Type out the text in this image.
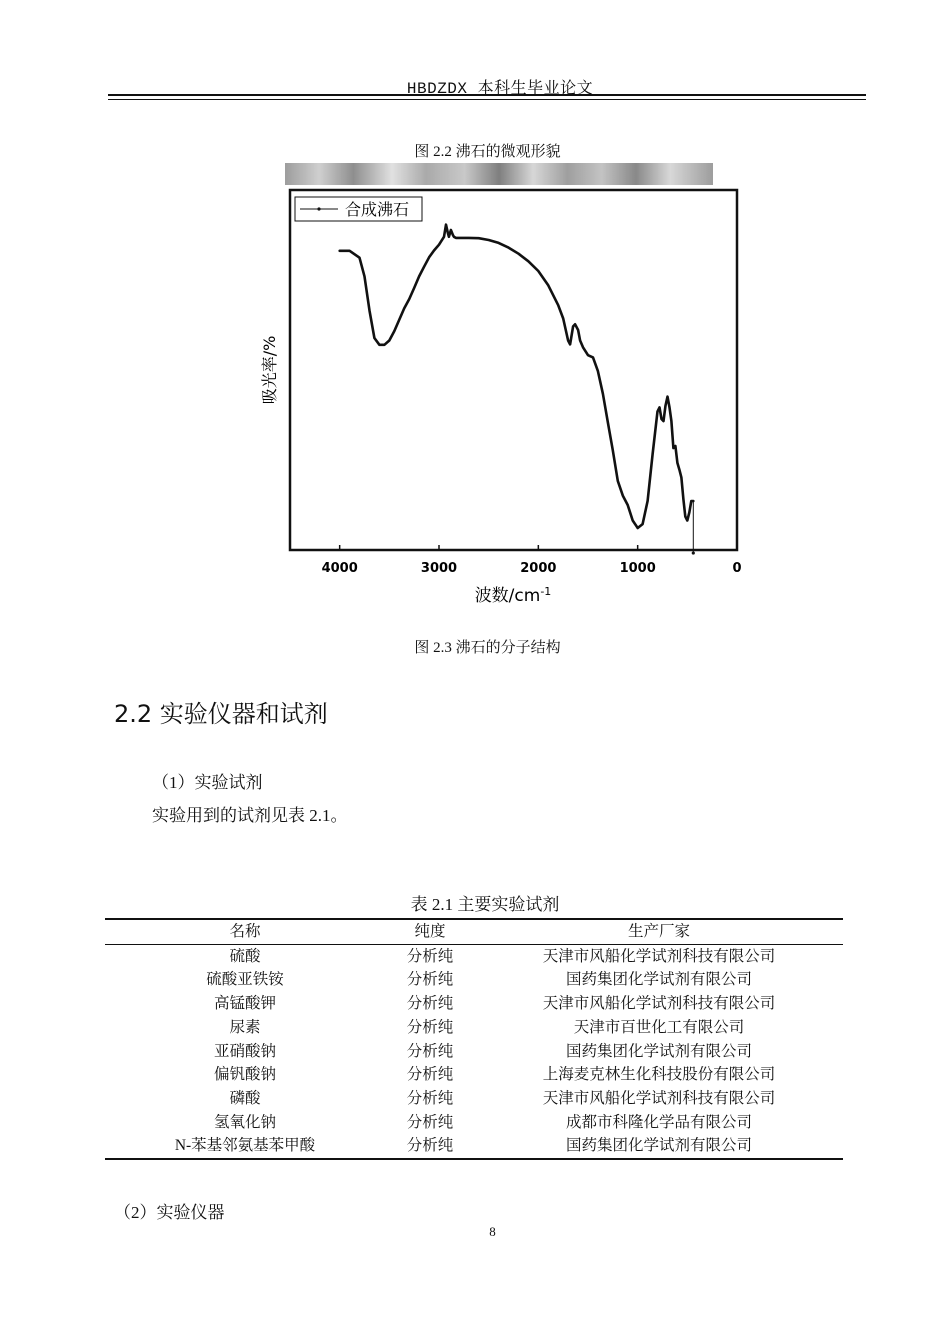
HBDZDX 本科生毕业论文
图 2.2 沸石的微观形貌
4000	3000	2000	1000	0
合成沸石
吸光率/%
波数$/cm^{-1}$
图 2.3 沸石的分子结构
2.2 实验仪器和试剂
（1）实验试剂
实验用到的试剂见表 2.1。
表 2.1 主要实验试剂
名称	纯度	生产厂家
硫酸	分析纯	天津市风船化学试剂科技有限公司
硫酸亚铁铵	分析纯	国药集团化学试剂有限公司
高锰酸钾	分析纯	天津市风船化学试剂科技有限公司
尿素	分析纯	天津市百世化工有限公司
亚硝酸钠	分析纯	国药集团化学试剂有限公司
偏钒酸钠	分析纯	上海麦克林生化科技股份有限公司
磷酸	分析纯	天津市风船化学试剂科技有限公司
氢氧化钠	分析纯	成都市科隆化学品有限公司
N-苯基邻氨基苯甲酸	分析纯	国药集团化学试剂有限公司
（2）实验仪器
8
